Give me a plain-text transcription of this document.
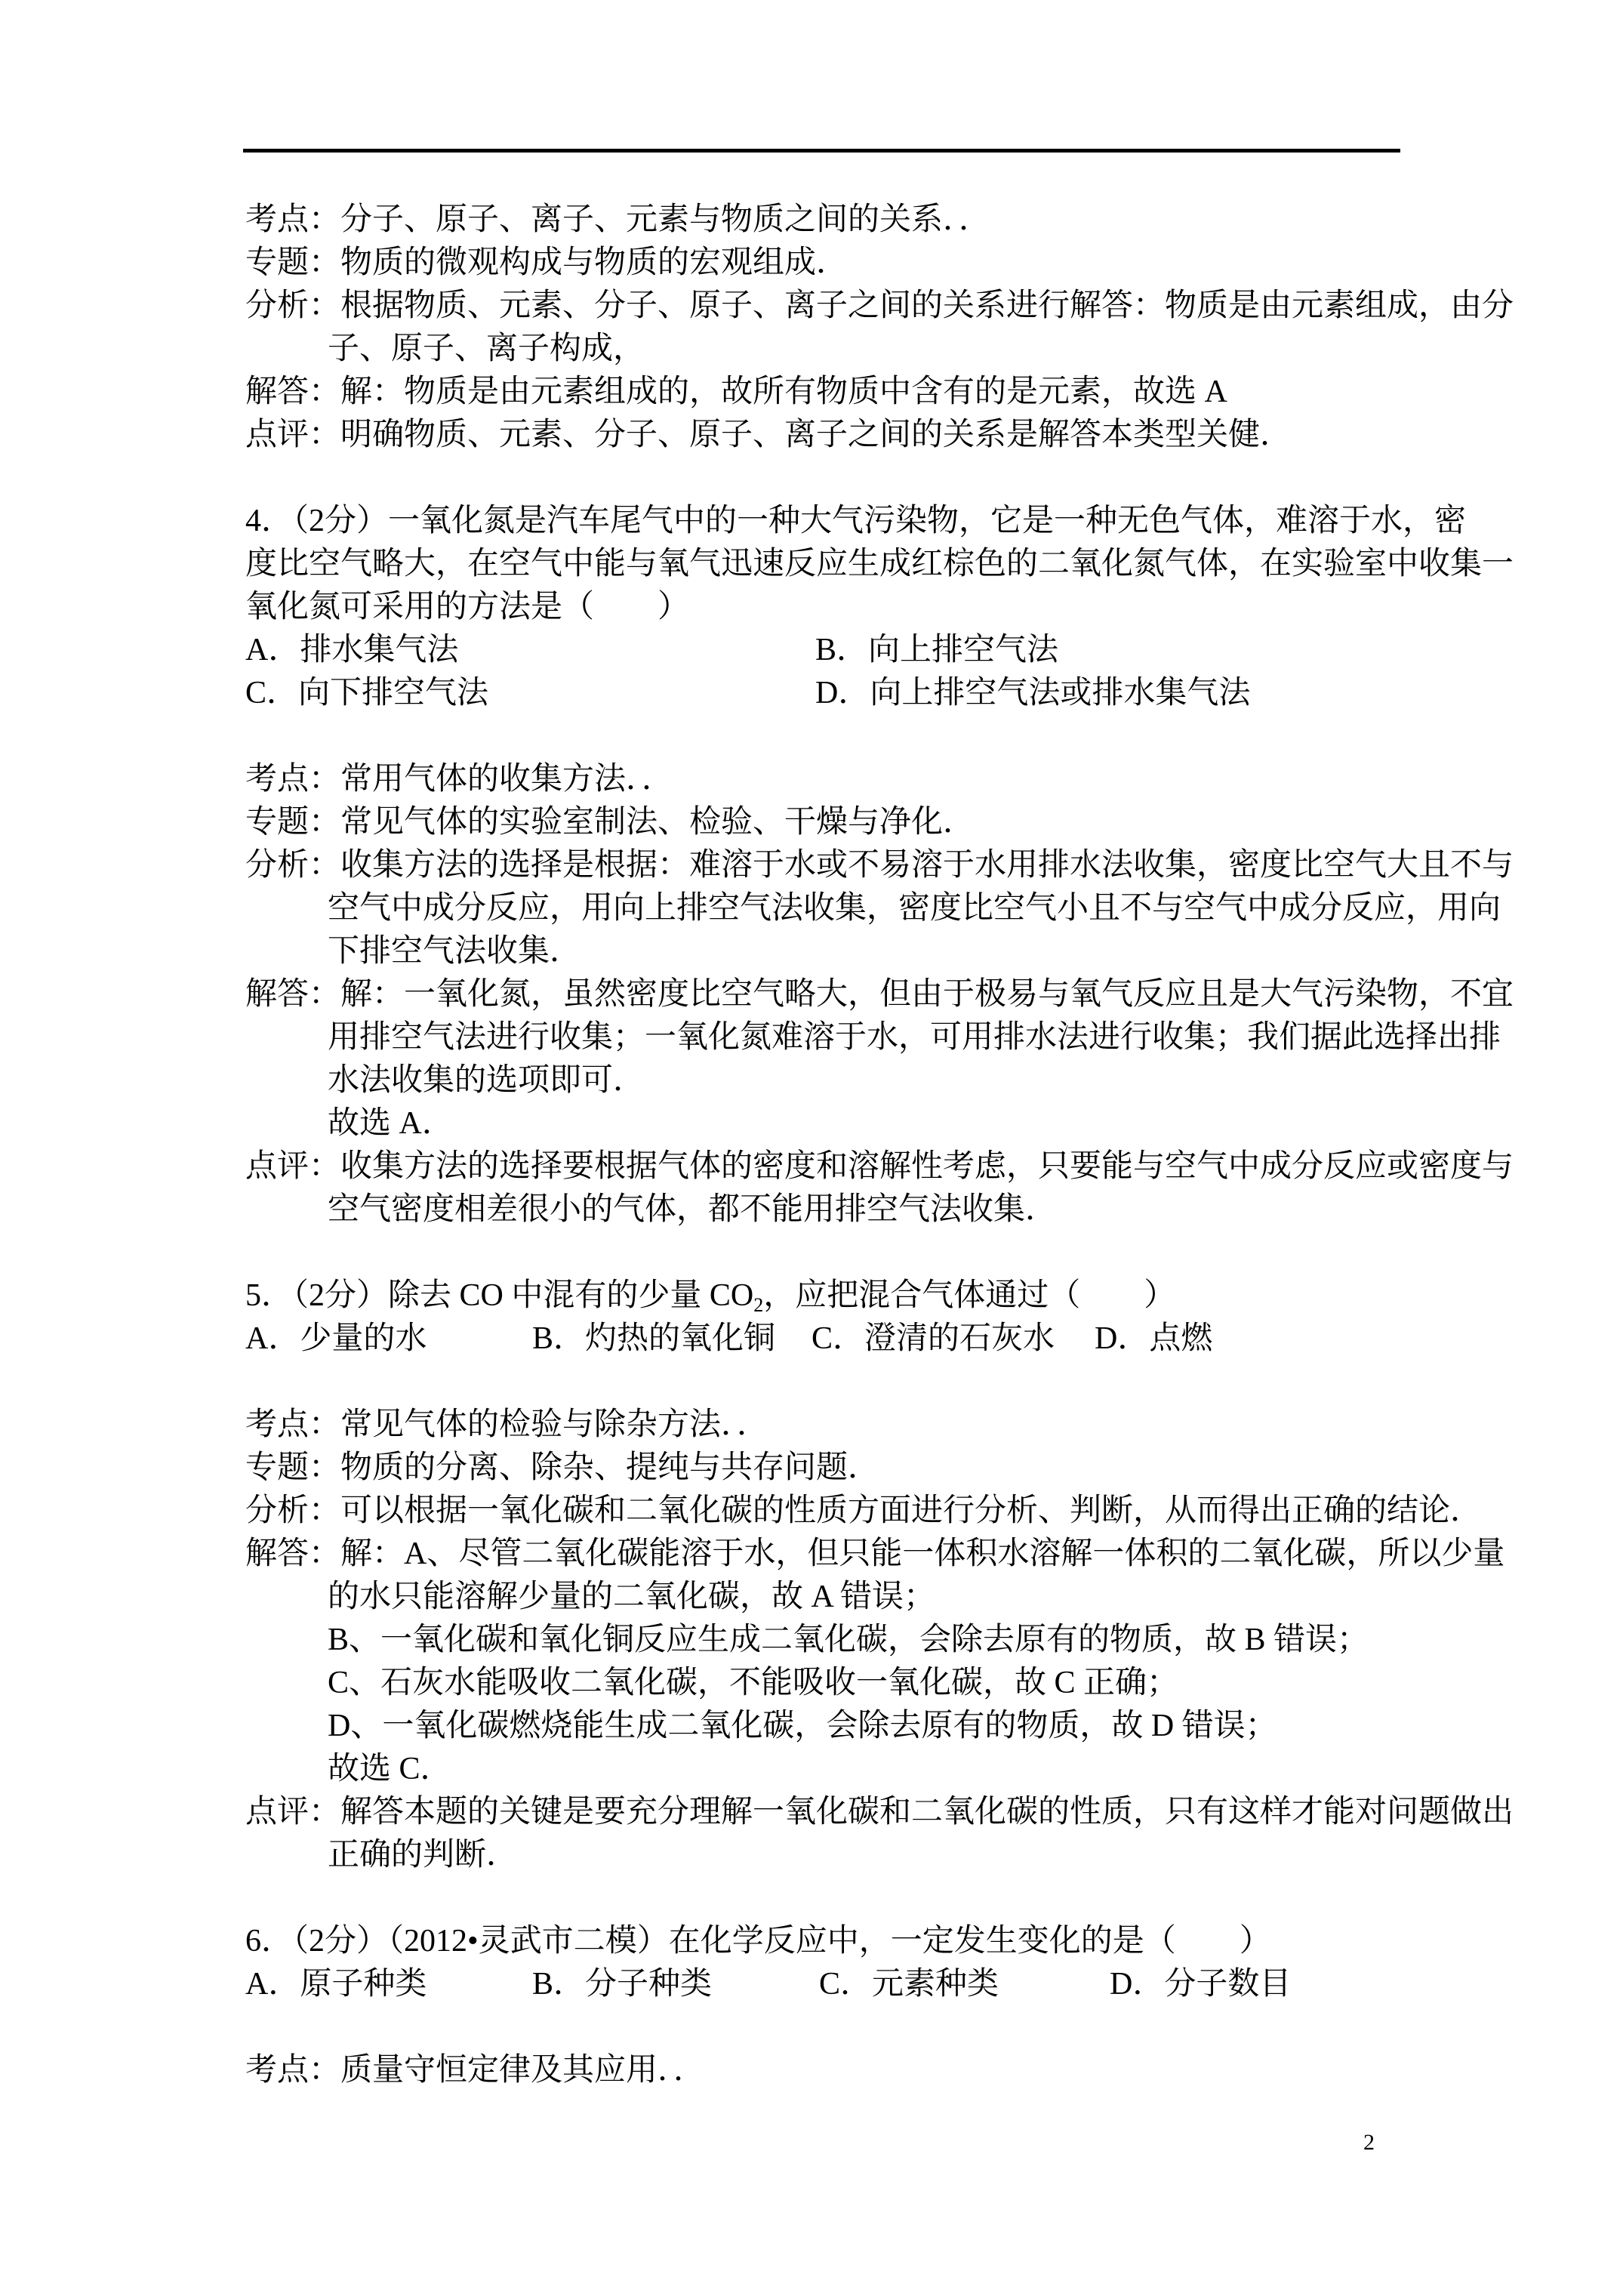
考点：分子、原子、离子、元素与物质之间的关系．．
专题：物质的微观构成与物质的宏观组成．
分析：根据物质、元素、分子、原子、离子之间的关系进行解答：物质是由元素组成，由分
子、原子、离子构成，
解答：解：物质是由元素组成的，故所有物质中含有的是元素，故选 A
点评：明确物质、元素、分子、原子、离子之间的关系是解答本类型关健．
4．（2分）一氧化氮是汽车尾气中的一种大气污染物，它是一种无色气体，难溶于水，密
度比空气略大，在空气中能与氧气迅速反应生成红棕色的二氧化氮气体，在实验室中收集一
氧化氮可采用的方法是（　　）
A．排水集气法	B．向上排空气法
C．向下排空气法	D．向上排空气法或排水集气法
考点：常用气体的收集方法．．
专题：常见气体的实验室制法、检验、干燥与净化．
分析：收集方法的选择是根据：难溶于水或不易溶于水用排水法收集，密度比空气大且不与
空气中成分反应，用向上排空气法收集，密度比空气小且不与空气中成分反应，用向
下排空气法收集．
解答：解：一氧化氮，虽然密度比空气略大，但由于极易与氧气反应且是大气污染物，不宜
用排空气法进行收集；一氧化氮难溶于水，可用排水法进行收集；我们据此选择出排
水法收集的选项即可．
故选 A．
点评：收集方法的选择要根据气体的密度和溶解性考虑，只要能与空气中成分反应或密度与
空气密度相差很小的气体，都不能用排空气法收集．
5．（2分）除去 CO 中混有的少量 $CO_2$，应把混合气体通过（　　）
A．少量的水	B．灼热的氧化铜 C．澄清的石灰水 D．点燃
考点：常见气体的检验与除杂方法．．
专题：物质的分离、除杂、提纯与共存问题．
分析：可以根据一氧化碳和二氧化碳的性质方面进行分析、判断，从而得出正确的结论．
解答：解：A、尽管二氧化碳能溶于水，但只能一体积水溶解一体积的二氧化碳，所以少量
的水只能溶解少量的二氧化碳，故 A 错误；
B、一氧化碳和氧化铜反应生成二氧化碳，会除去原有的物质，故 B 错误；
C、石灰水能吸收二氧化碳，不能吸收一氧化碳，故 C 正确；
D、一氧化碳燃烧能生成二氧化碳，会除去原有的物质，故 D 错误；
故选 C．
点评：解答本题的关键是要充分理解一氧化碳和二氧化碳的性质，只有这样才能对问题做出
正确的判断．
6．（2分）（2012•灵武市二模）在化学反应中，一定发生变化的是（　　）
A．原子种类	B．分子种类	C．元素种类	D．分子数目
考点：质量守恒定律及其应用．．
2
